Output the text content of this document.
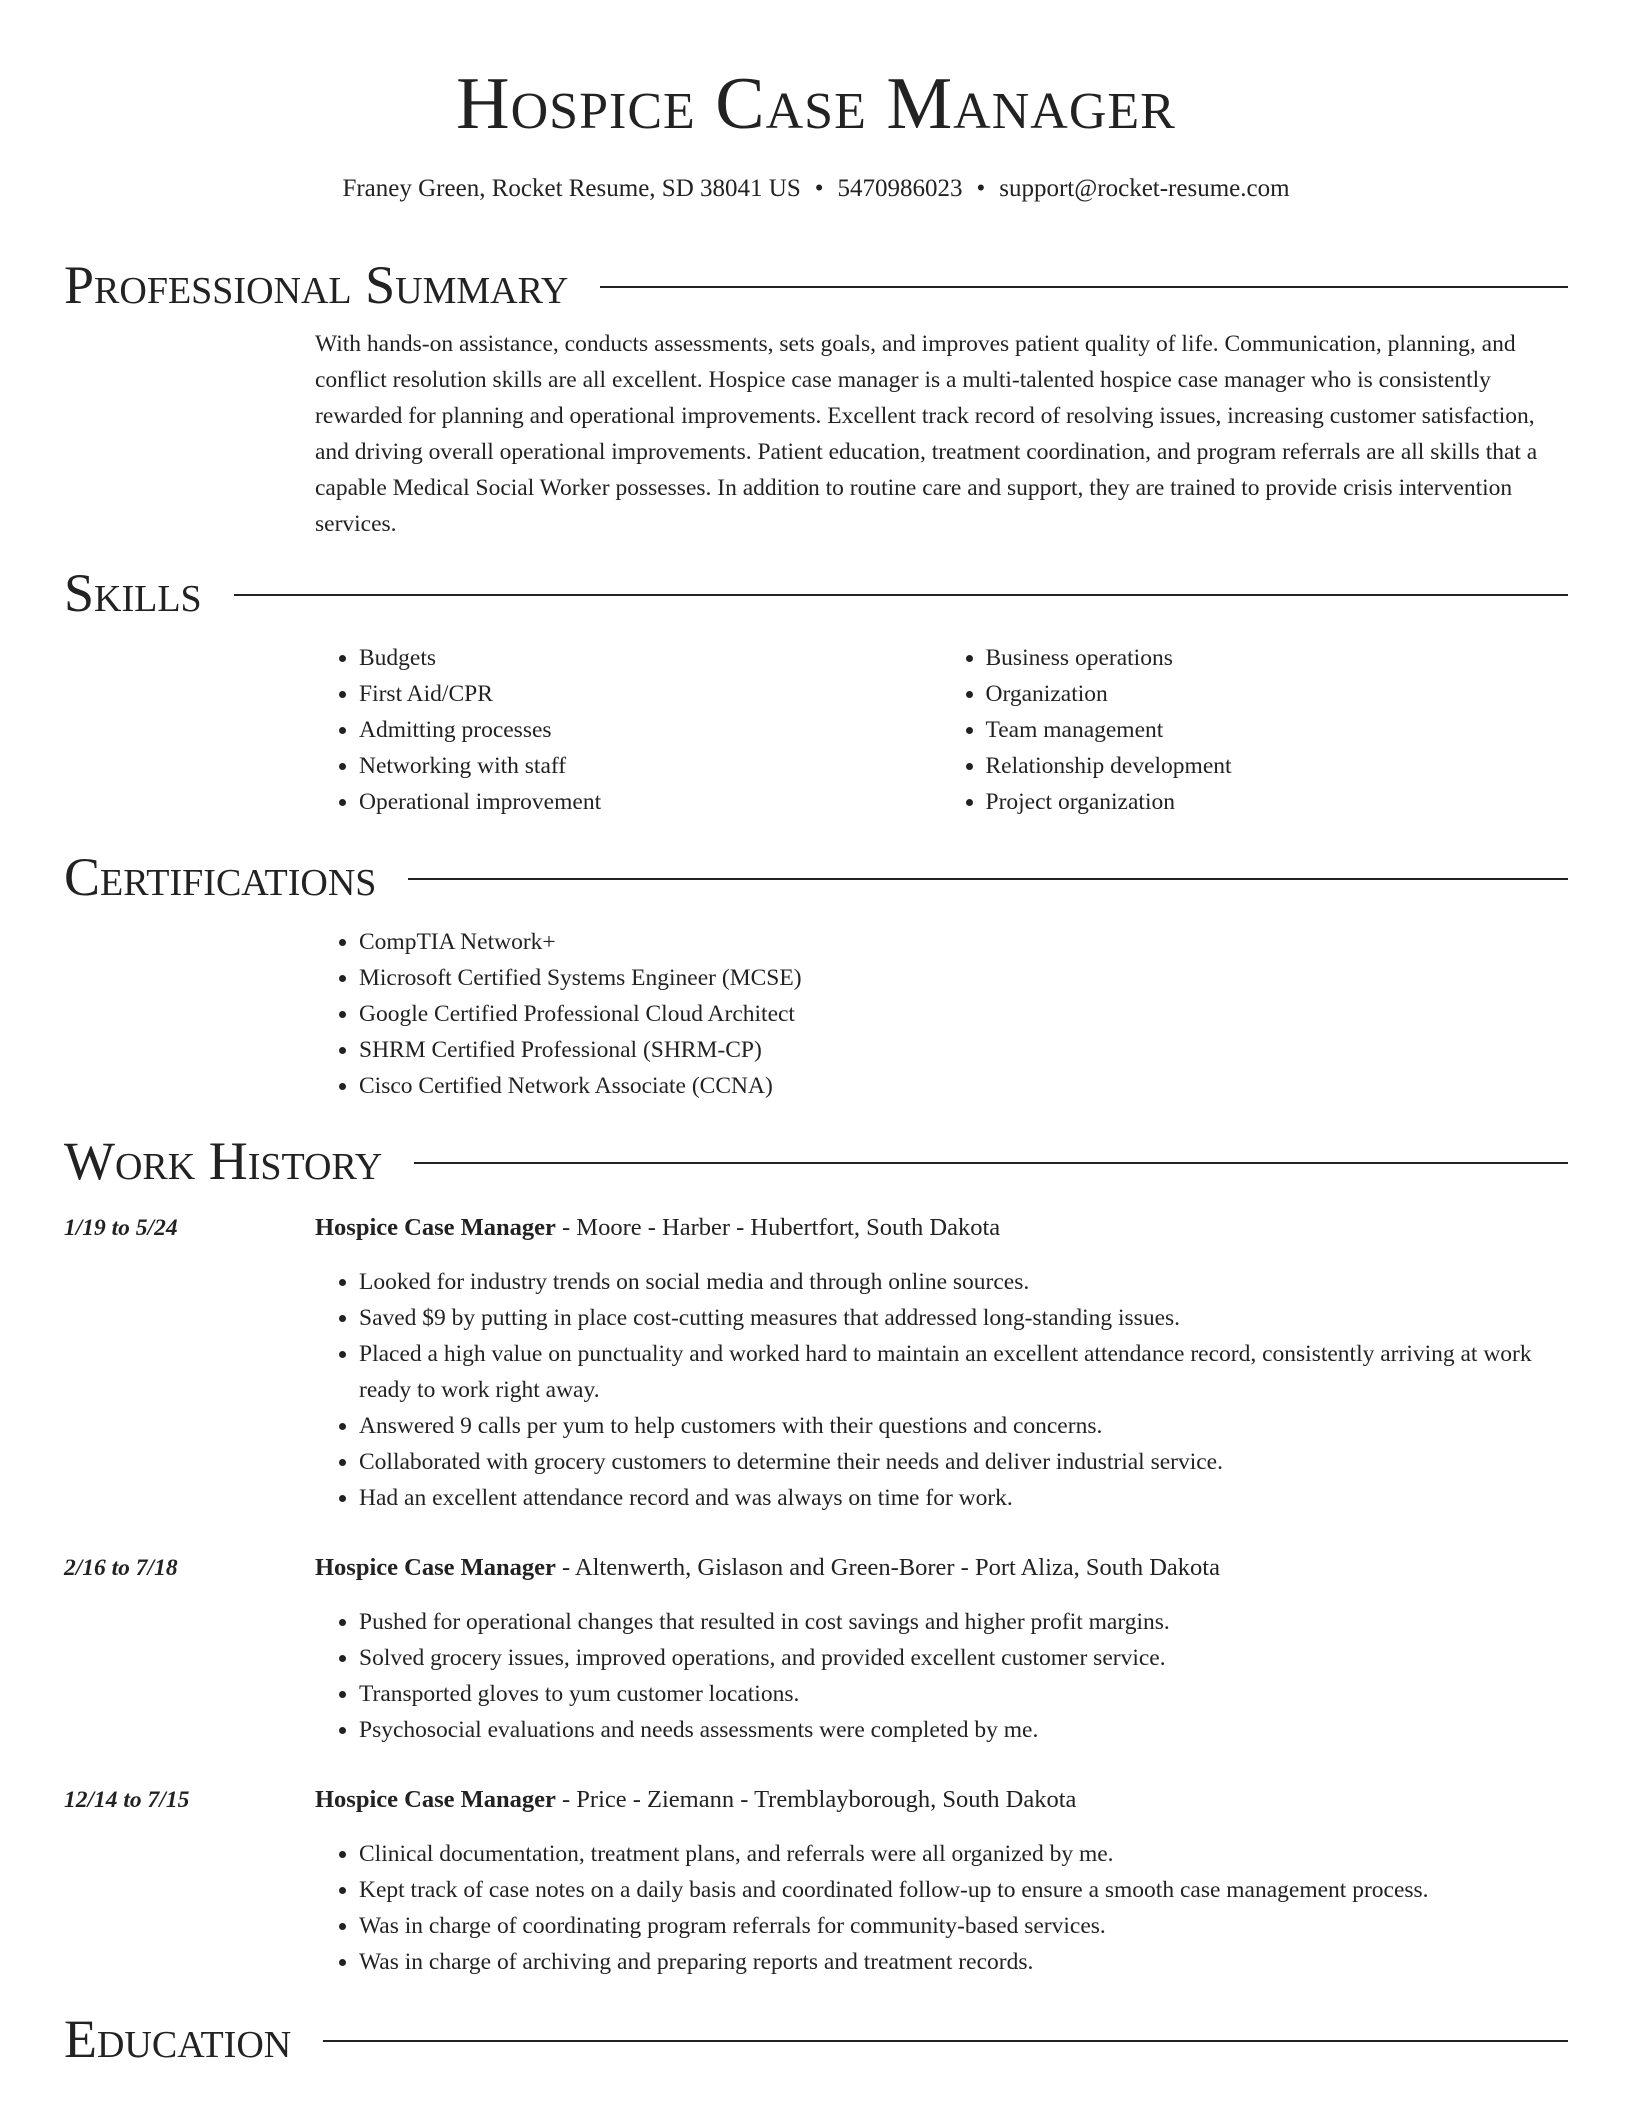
Hospice Case Manager
Franey Green, Rocket Resume, SD 38041 US • 5470986023 • support@rocket-resume.com
Professional Summary
With hands-on assistance, conducts assessments, sets goals, and improves patient quality of life. Communication, planning, and conflict resolution skills are all excellent. Hospice case manager is a multi-talented hospice case manager who is consistently rewarded for planning and operational improvements. Excellent track record of resolving issues, increasing customer satisfaction, and driving overall operational improvements. Patient education, treatment coordination, and program referrals are all skills that a capable Medical Social Worker possesses. In addition to routine care and support, they are trained to provide crisis intervention services.
Skills
• Budgets
• First Aid/CPR
• Admitting processes
• Networking with staff
• Operational improvement
• Business operations
• Organization
• Team management
• Relationship development
• Project organization
Certifications
• CompTIA Network+
• Microsoft Certified Systems Engineer (MCSE)
• Google Certified Professional Cloud Architect
• SHRM Certified Professional (SHRM-CP)
• Cisco Certified Network Associate (CCNA)
Work History
1/19 to 5/24	Hospice Case Manager - Moore - Harber - Hubertfort, South Dakota
• Looked for industry trends on social media and through online sources.
• Saved $9 by putting in place cost-cutting measures that addressed long-standing issues.
• Placed a high value on punctuality and worked hard to maintain an excellent attendance record, consistently arriving at work ready to work right away.
• Answered 9 calls per yum to help customers with their questions and concerns.
• Collaborated with grocery customers to determine their needs and deliver industrial service.
• Had an excellent attendance record and was always on time for work.
2/16 to 7/18	Hospice Case Manager - Altenwerth, Gislason and Green-Borer - Port Aliza, South Dakota
• Pushed for operational changes that resulted in cost savings and higher profit margins.
• Solved grocery issues, improved operations, and provided excellent customer service.
• Transported gloves to yum customer locations.
• Psychosocial evaluations and needs assessments were completed by me.
12/14 to 7/15	Hospice Case Manager - Price - Ziemann - Tremblayborough, South Dakota
• Clinical documentation, treatment plans, and referrals were all organized by me.
• Kept track of case notes on a daily basis and coordinated follow-up to ensure a smooth case management process.
• Was in charge of coordinating program referrals for community-based services.
• Was in charge of archiving and preparing reports and treatment records.
Education
